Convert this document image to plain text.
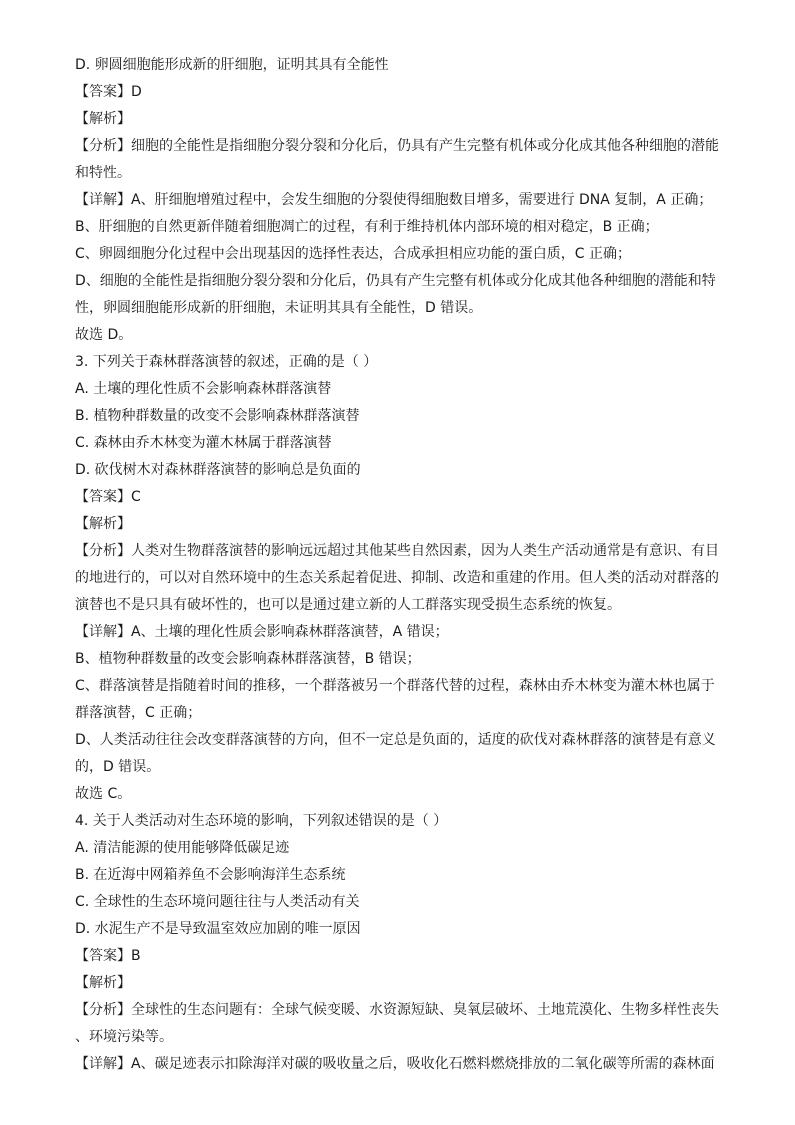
D. 卵圆细胞能形成新的肝细胞，证明其具有全能性
【答案】D
【解析】
【分析】细胞的全能性是指细胞分裂分裂和分化后，仍具有产生完整有机体或分化成其他各种细胞的潜能
和特性。
【详解】A、肝细胞增殖过程中，会发生细胞的分裂使得细胞数目增多，需要进行 DNA 复制，A 正确；
B、肝细胞的自然更新伴随着细胞凋亡的过程，有利于维持机体内部环境的相对稳定，B 正确；
C、卵圆细胞分化过程中会出现基因的选择性表达，合成承担相应功能的蛋白质，C 正确；
D、细胞的全能性是指细胞分裂分裂和分化后，仍具有产生完整有机体或分化成其他各种细胞的潜能和特
性，卵圆细胞能形成新的肝细胞，未证明其具有全能性，D 错误。
故选 D。
3. 下列关于森林群落演替的叙述，正确的是（ ）
A. 土壤的理化性质不会影响森林群落演替
B. 植物种群数量的改变不会影响森林群落演替
C. 森林由乔木林变为灌木林属于群落演替
D. 砍伐树木对森林群落演替的影响总是负面的
【答案】C
【解析】
【分析】人类对生物群落演替的影响远远超过其他某些自然因素，因为人类生产活动通常是有意识、有目
的地进行的，可以对自然环境中的生态关系起着促进、抑制、改造和重建的作用。但人类的活动对群落的
演替也不是只具有破坏性的，也可以是通过建立新的人工群落实现受损生态系统的恢复。
【详解】A、土壤的理化性质会影响森林群落演替，A 错误；
B、植物种群数量的改变会影响森林群落演替，B 错误；
C、群落演替是指随着时间的推移，一个群落被另一个群落代替的过程，森林由乔木林变为灌木林也属于
群落演替，C 正确；
D、人类活动往往会改变群落演替的方向，但不一定总是负面的，适度的砍伐对森林群落的演替是有意义
的，D 错误。
故选 C。
4. 关于人类活动对生态环境的影响，下列叙述错误的是（ ）
A. 清洁能源的使用能够降低碳足迹
B. 在近海中网箱养鱼不会影响海洋生态系统
C. 全球性的生态环境问题往往与人类活动有关
D. 水泥生产不是导致温室效应加剧的唯一原因
【答案】B
【解析】
【分析】全球性的生态问题有：全球气候变暖、水资源短缺、臭氧层破坏、土地荒漠化、生物多样性丧失
、环境污染等。
【详解】A、碳足迹表示扣除海洋对碳的吸收量之后，吸收化石燃料燃烧排放的二氧化碳等所需的森林面
